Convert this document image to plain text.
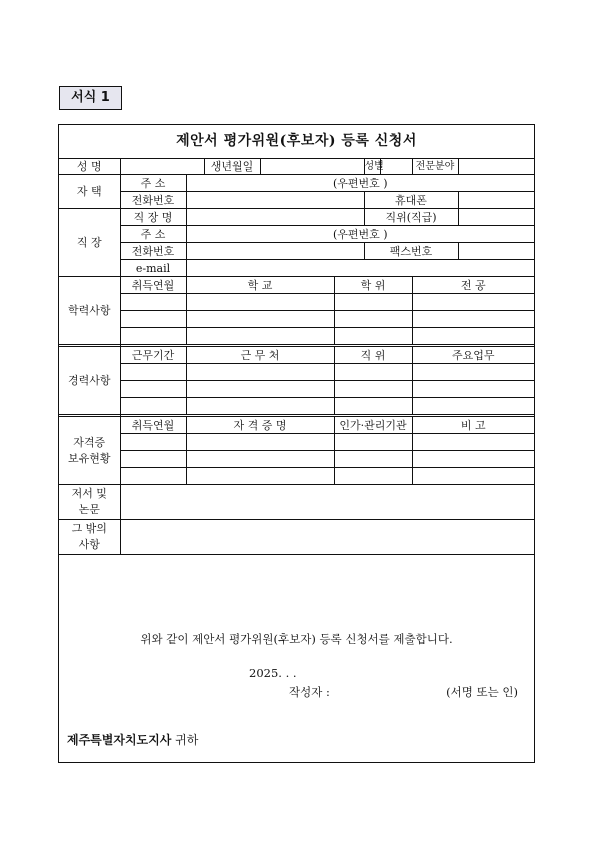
서식 1
제안서 평가위원(후보자) 등록 신청서
성 명			생년월일			성별		전문분야	
자 택	주 소	(우편번호 )							
	전화번호					휴대폰			
직 장	직 장 명					직위(직급)			
	주 소	(우편번호 )							
	전화번호					팩스번호			
	e-mail								
학력사항	취득연월	학 교			학 위			전 공	

경력사항	근무기간	근 무 처			직 위			주요업무	

자격증
보유현황	취득연월	자 격 증 명			인가·관리기관			비 고	

저서 및
논문									
그 밖의
사항									
위와 같이 제안서 평가위원(후보자) 등록 신청서를 제출합니다.
2025. . .
작성자 :	(서명 또는 인)
제주특별자치도지사 귀하
